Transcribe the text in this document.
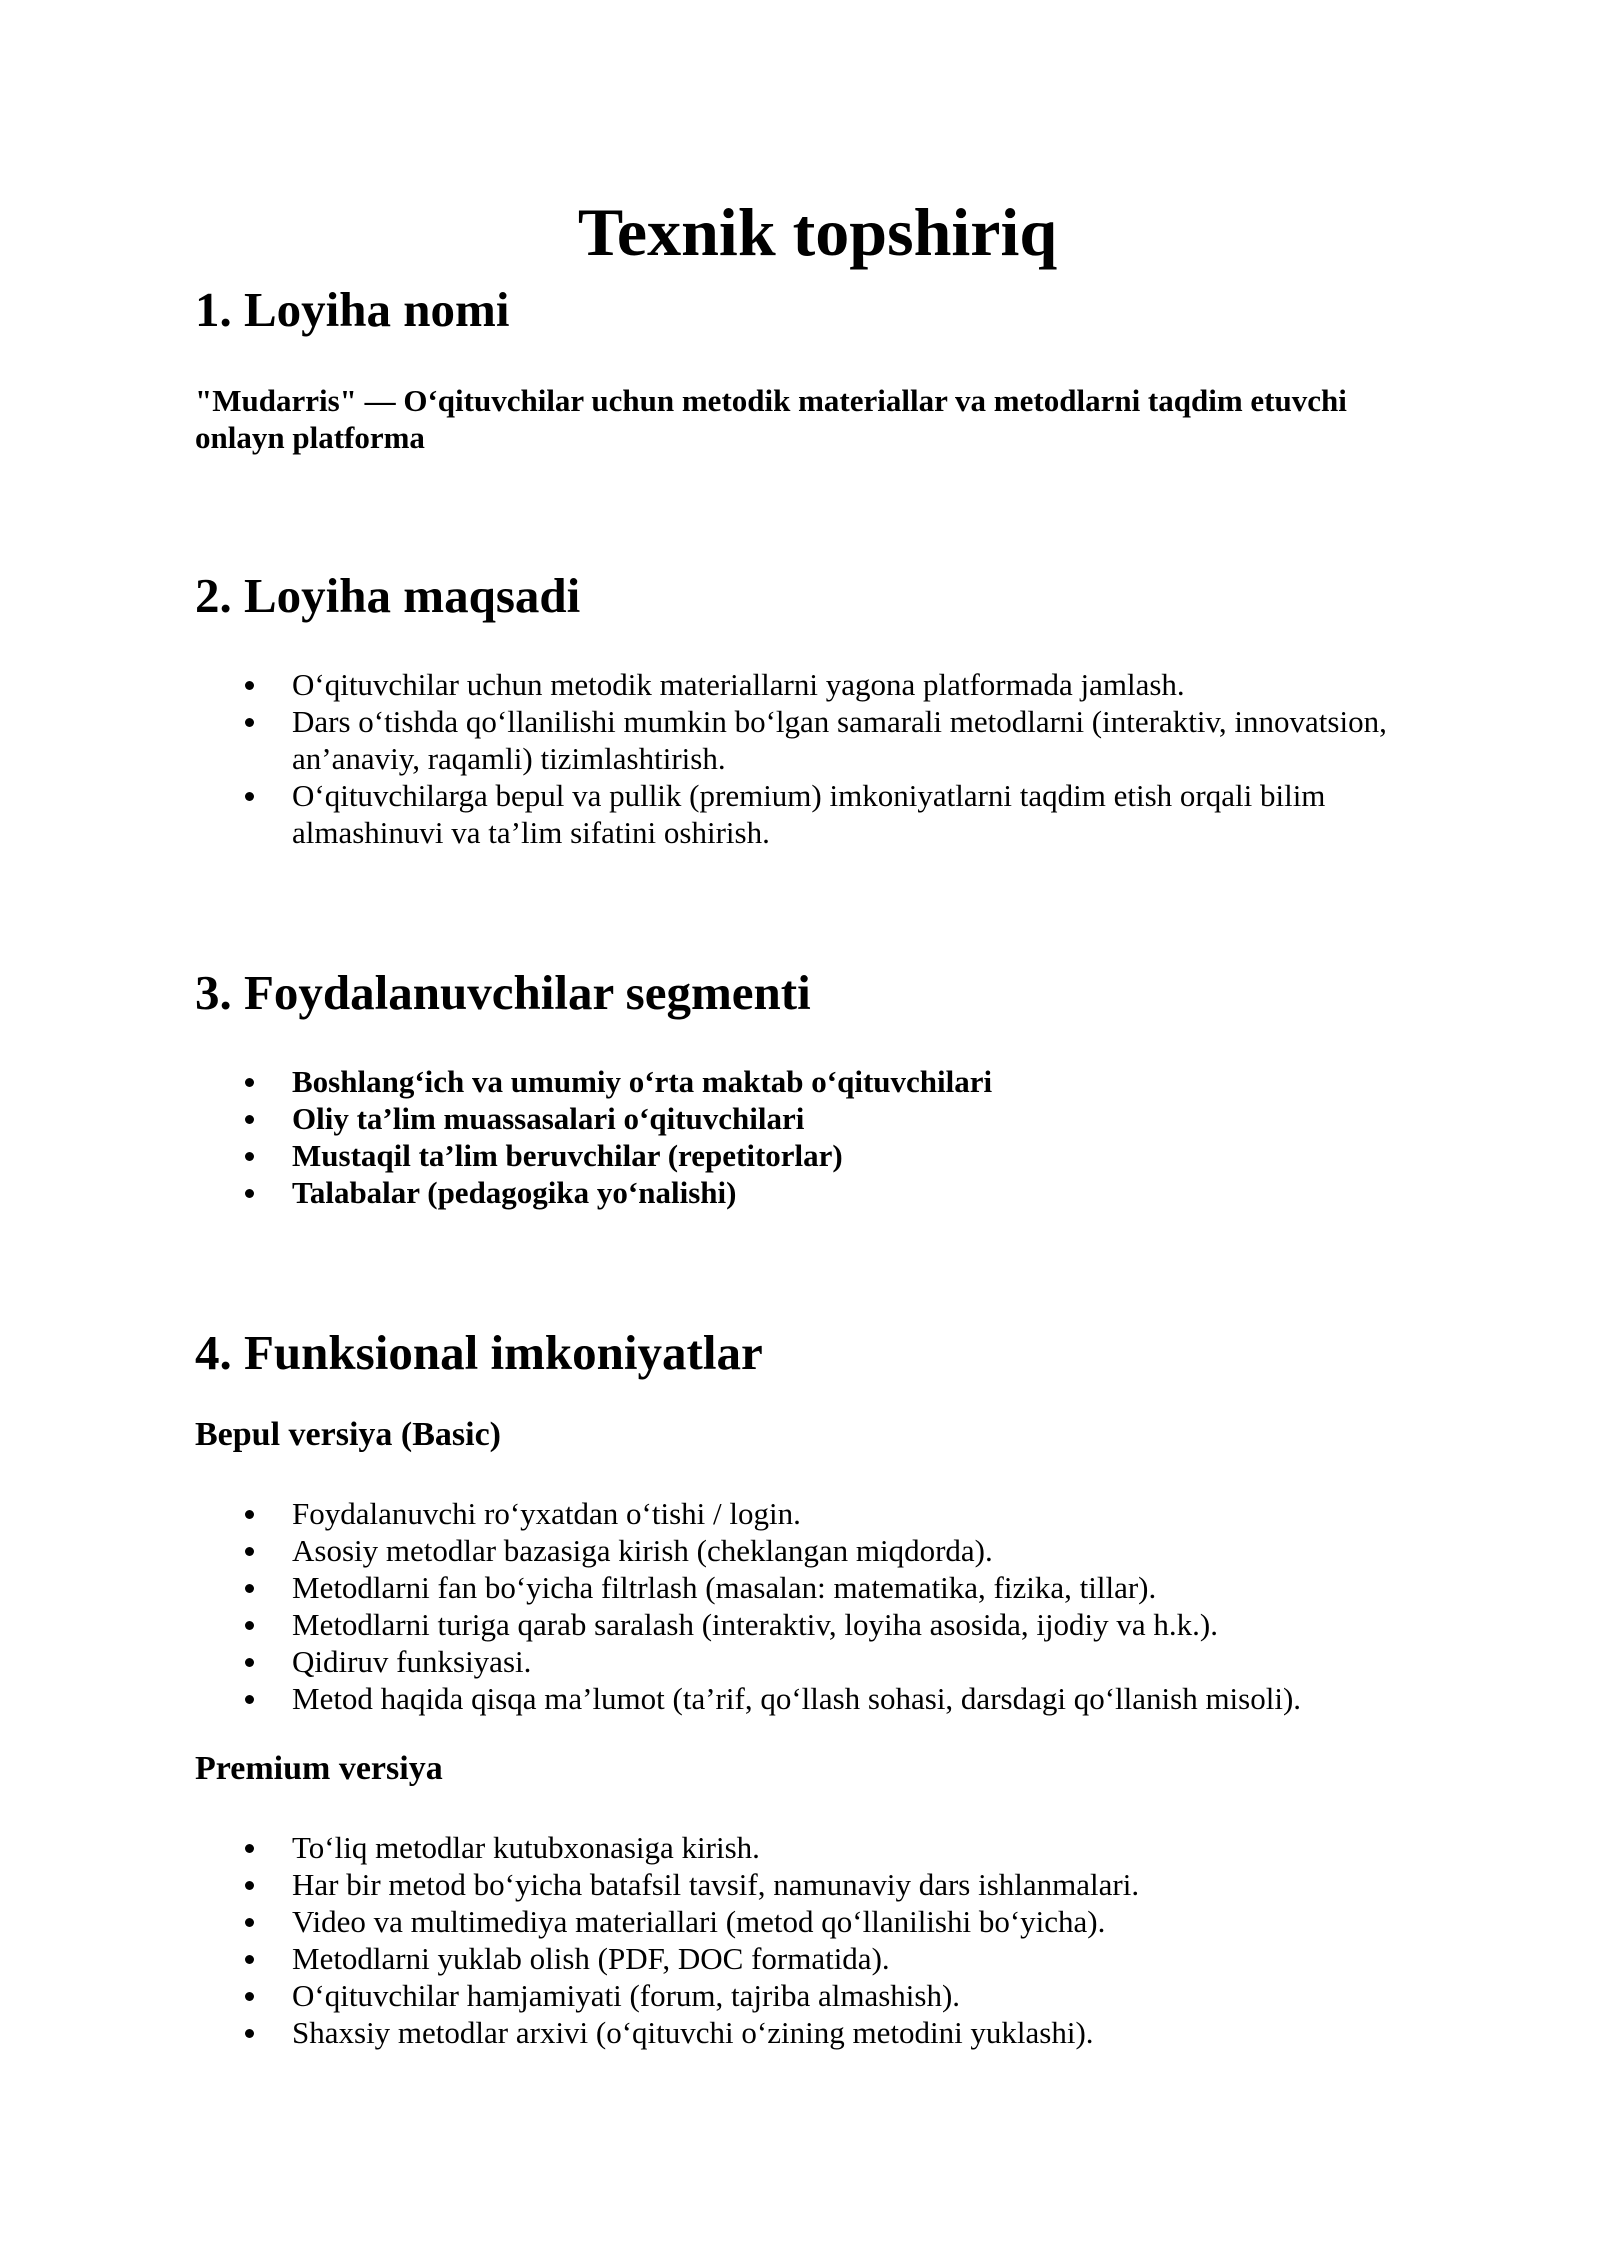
Texnik topshiriq
1. Loyiha nomi

"Mudarris" — O‘qituvchilar uchun metodik materiallar va metodlarni taqdim etuvchi onlayn platforma

2. Loyiha maqsadi
O‘qituvchilar uchun metodik materiallarni yagona platformada jamlash.
Dars o‘tishda qo‘llanilishi mumkin bo‘lgan samarali metodlarni (interaktiv, innovatsion, an’anaviy, raqamli) tizimlashtirish.
O‘qituvchilarga bepul va pullik (premium) imkoniyatlarni taqdim etish orqali bilim almashinuvi va ta’lim sifatini oshirish.
3. Foydalanuvchilar segmenti
Boshlang‘ich va umumiy o‘rta maktab o‘qituvchilari
Oliy ta’lim muassasalari o‘qituvchilari
Mustaqil ta’lim beruvchilar (repetitorlar)
Talabalar (pedagogika yo‘nalishi)
4. Funksional imkoniyatlar
Bepul versiya (Basic)
Foydalanuvchi ro‘yxatdan o‘tishi / login.
Asosiy metodlar bazasiga kirish (cheklangan miqdorda).
Metodlarni fan bo‘yicha filtrlash (masalan: matematika, fizika, tillar).
Metodlarni turiga qarab saralash (interaktiv, loyiha asosida, ijodiy va h.k.).
Qidiruv funksiyasi.
Metod haqida qisqa ma’lumot (ta’rif, qo‘llash sohasi, darsdagi qo‘llanish misoli).
Premium versiya
To‘liq metodlar kutubxonasiga kirish.
Har bir metod bo‘yicha batafsil tavsif, namunaviy dars ishlanmalari.
Video va multimediya materiallari (metod qo‘llanilishi bo‘yicha).
Metodlarni yuklab olish (PDF, DOC formatida).
O‘qituvchilar hamjamiyati (forum, tajriba almashish).
Shaxsiy metodlar arxivi (o‘qituvchi o‘zining metodini yuklashi).
